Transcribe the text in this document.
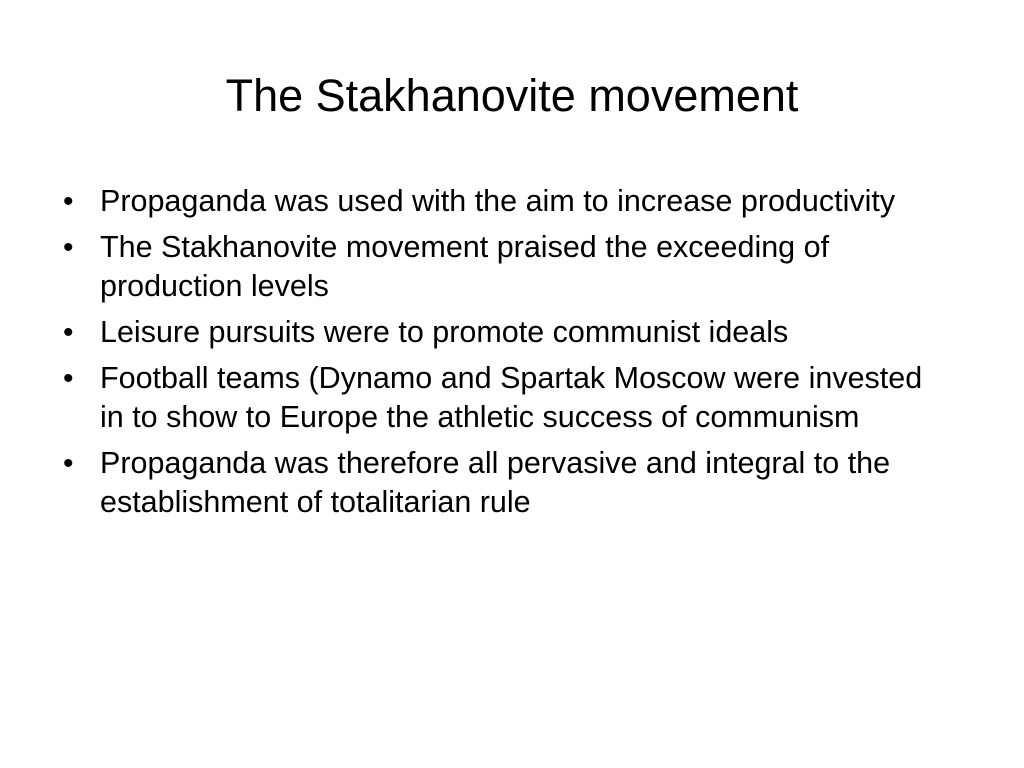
The Stakhanovite movement
• Propaganda was used with the aim to increase productivity
• The Stakhanovite movement praised the exceeding of production levels
• Leisure pursuits were to promote communist ideals
• Football teams (Dynamo and Spartak Moscow were invested in to show to Europe the athletic success of communism
• Propaganda was therefore all pervasive and integral to the establishment of totalitarian rule
